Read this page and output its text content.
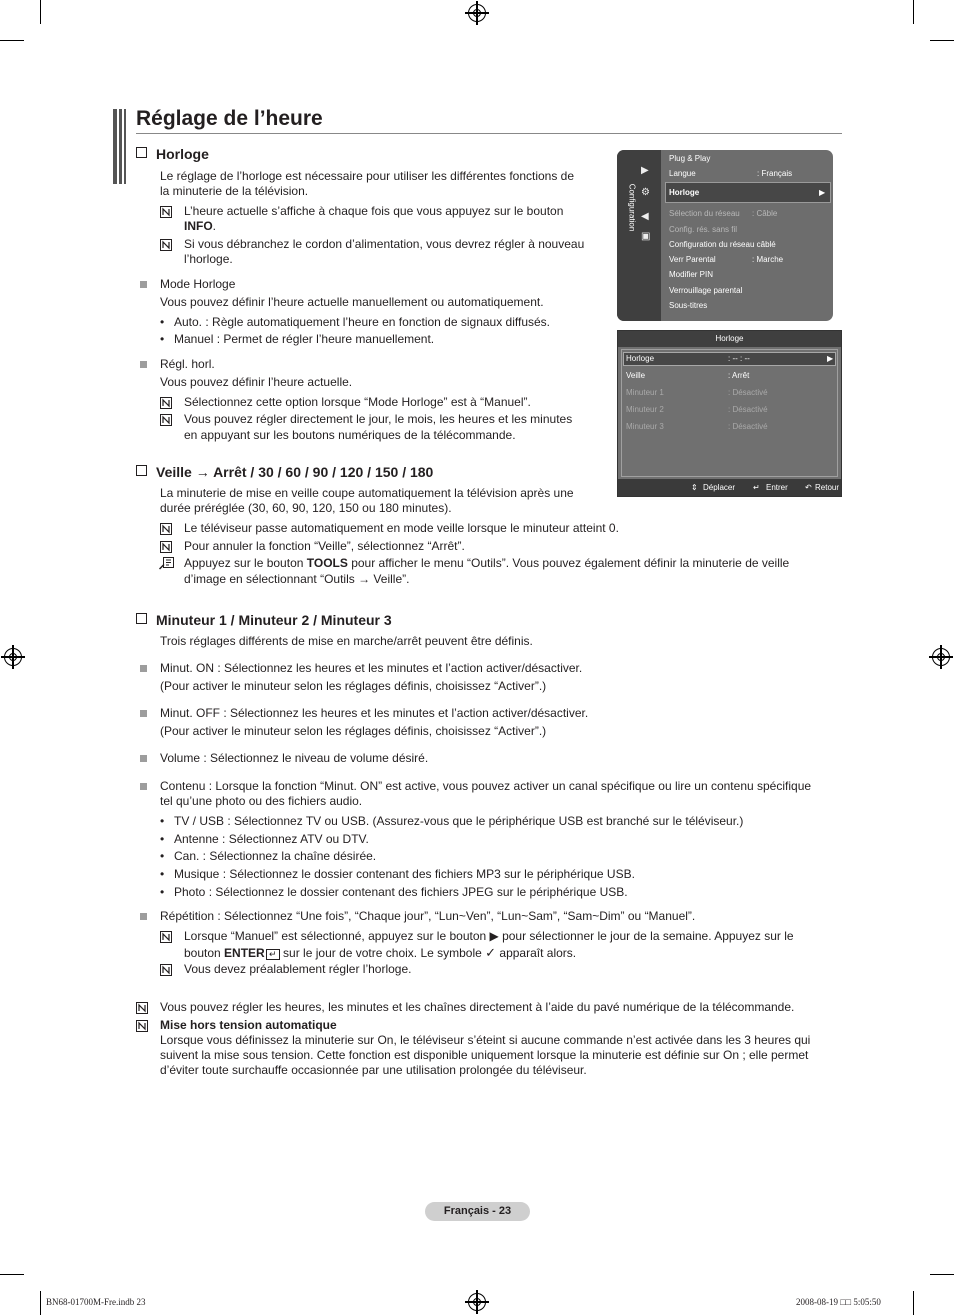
Réglage de l’heure
Horloge

Le réglage de l’horloge est nécessaire pour utiliser les différentes fonctions de

la minuterie de la télévision.

L’heure actuelle s’affiche à chaque fois que vous appuyez sur le bouton

INFO.

Si vous débranchez le cordon d’alimentation, vous devrez régler à nouveau

l’horloge.

Mode Horloge

Vous pouvez définir l’heure actuelle manuellement ou automatiquement.

• Auto. : Règle automatiquement l’heure en fonction de signaux diffusés.

• Manuel : Permet de régler l’heure manuellement.

Régl. horl.

Vous pouvez définir l’heure actuelle.

Sélectionnez cette option lorsque “Mode Horloge” est à “Manuel”.

Vous pouvez régler directement le jour, le mois, les heures et les minutes

en appuyant sur les boutons numériques de la télécommande.

Configuration
▶
⚙
◀
▣
Plug & Play
Langue	: Français
Horloge	▶
Sélection du réseau : Câble
Config. rés. sans fil
Configuration du réseau câblé
Verr Parental	: Marche
Modifier PIN
Verrouillage parental
Sous-titres
Horloge
Horloge	: -- : --	▶
Veille	: Arrêt
Minuteur 1	: Désactivé
Minuteur 2	: Désactivé
Minuteur 3	: Désactivé
⇕ Déplacer ↵ Entrer ↶ Retour
Veille → Arrêt / 30 / 60 / 90 / 120 / 150 / 180

La minuterie de mise en veille coupe automatiquement la télévision après une

durée préréglée (30, 60, 90, 120, 150 ou 180 minutes).

Le téléviseur passe automatiquement en mode veille lorsque le minuteur atteint 0.

Pour annuler la fonction “Veille”, sélectionnez “Arrêt”.

Appuyez sur le bouton TOOLS pour afficher le menu “Outils”. Vous pouvez également définir la minuterie de veille

d’image en sélectionnant “Outils → Veille”.

Minuteur 1 / Minuteur 2 / Minuteur 3

Trois réglages différents de mise en marche/arrêt peuvent être définis.

Minut. ON : Sélectionnez les heures et les minutes et l’action activer/désactiver.

(Pour activer le minuteur selon les réglages définis, choisissez “Activer”.)

Minut. OFF : Sélectionnez les heures et les minutes et l’action activer/désactiver.

(Pour activer le minuteur selon les réglages définis, choisissez “Activer”.)

Volume : Sélectionnez le niveau de volume désiré.

Contenu : Lorsque la fonction “Minut. ON” est active, vous pouvez activer un canal spécifique ou lire un contenu spécifique

tel qu’une photo ou des fichiers audio.

• TV / USB : Sélectionnez TV ou USB. (Assurez-vous que le périphérique USB est branché sur le téléviseur.)

• Antenne : Sélectionnez ATV ou DTV.

• Can. : Sélectionnez la chaîne désirée.

• Musique : Sélectionnez le dossier contenant des fichiers MP3 sur le périphérique USB.

• Photo : Sélectionnez le dossier contenant des fichiers JPEG sur le périphérique USB.

Répétition : Sélectionnez “Une fois”, “Chaque jour”, “Lun~Ven”, “Lun~Sam”, “Sam~Dim” ou “Manuel”.

Lorsque “Manuel” est sélectionné, appuyez sur le bouton ▶ pour sélectionner le jour de la semaine. Appuyez sur le

bouton ENTER ↵ sur le jour de votre choix. Le symbole ✓ apparaît alors.

Vous devez préalablement régler l’horloge.

Vous pouvez régler les heures, les minutes et les chaînes directement à l’aide du pavé numérique de la télécommande.

Mise hors tension automatique

Lorsque vous définissez la minuterie sur On, le téléviseur s’éteint si aucune commande n’est activée dans les 3 heures qui

suivent la mise sous tension. Cette fonction est disponible uniquement lorsque la minuterie est définie sur On ; elle permet

d’éviter toute surchauffe occasionnée par une utilisation prolongée du téléviseur.

Français - 23
BN68-01700M-Fre.indb 23	2008-08-19 □□ 5:05:50
